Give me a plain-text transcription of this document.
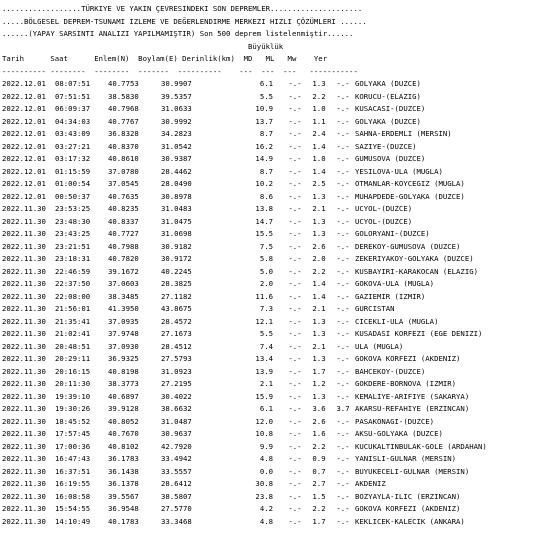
..................TÜRKIYE VE YAKIN ÇEVRESINDEKI SON DEPREMLER.....................
.....BÖLGESEL DEPREM-TSUNAMI IZLEME VE DEĞERLENDIRME MERKEZI HIZLI ÇÖZÜMLERI ......
......(YAPAY SARSINTI ANALIZI YAPILMAMIŞTIR) Son 500 deprem listelenmiştir......
Büyüklük
Tarih      Saat      Enlem(N)  Boylam(E) Derinlik(km)  MD   ML   Mw    Yer
---------- --------  --------  -------  ----------    ---  ---  ---   -----------
2022.12.01 08:07:51 40.7753	30.9907	6.1 -.- 1.3 -.- GOLYAKA (DUZCE)
2022.12.01 07:51:51 38.5830	39.5357	5.5 -.- 2.2 -.- KORUCU-(ELAZIG)
2022.12.01 06:09:37 40.7968	31.0633	10.9 -.- 1.0 -.- KUSACASI-(DUZCE)
2022.12.01 04:34:03 40.7767	30.9992	13.7 -.- 1.1 -.- GOLYAKA (DUZCE)
2022.12.01 03:43:09 36.8328	34.2823	8.7 -.- 2.4 -.- SAHNA-ERDEMLI (MERSIN)
2022.12.01 03:27:21 40.8370	31.0542	16.2 -.- 1.4 -.- SAZIYE-(DUZCE)
2022.12.01 03:17:32 40.8610	30.9387	14.9 -.- 1.0 -.- GUMUSOVA (DUZCE)
2022.12.01 01:15:59 37.0780	28.4462	8.7 -.- 1.4 -.- YESILOVA-ULA (MUGLA)
2022.12.01 01:00:54 37.0545	28.0490	10.2 -.- 2.5 -.- OTMANLAR-KOYCEGIZ (MUGLA)
2022.12.01 00:50:37 40.7635	30.8978	8.6 -.- 1.3 -.- MUHAPDEDE-GOLYAKA (DUZCE)
2022.11.30 23:53:25 40.8235	31.0483	13.8 -.- 2.1 -.- UCYOL-(DUZCE)
2022.11.30 23:48:30 40.8337	31.0475	14.7 -.- 1.3 -.- UCYOL-(DUZCE)
2022.11.30 23:43:25 40.7727	31.0698	15.5 -.- 1.3 -.- GOLORYANI-(DUZCE)
2022.11.30 23:21:51 40.7988	30.9182	7.5 -.- 2.6 -.- DEREKOY-GUMUSOVA (DUZCE)
2022.11.30 23:18:31 40.7820	30.9172	5.8 -.- 2.0 -.- ZEKERIYAKOY-GOLYAKA (DUZCE)
2022.11.30 22:46:59 39.1672	40.2245	5.0 -.- 2.2 -.- KUSBAYIRI-KARAKOCAN (ELAZIG)
2022.11.30 22:37:50 37.0603	28.3825	2.0 -.- 1.4 -.- GOKOVA-ULA (MUGLA)
2022.11.30 22:08:00 38.3485	27.1182	11.6 -.- 1.4 -.- GAZIEMIR (IZMIR)
2022.11.30 21:56:01 41.3950	43.8675	7.3 -.- 2.1 -.- GURCISTAN
2022.11.30 21:35:41 37.0935	28.4572	12.1 -.- 1.3 -.- CICEKLI-ULA (MUGLA)
2022.11.30 21:02:41 37.9748	27.1673	5.5 -.- 1.3 -.- KUSADASI KORFEZI (EGE DENIZI)
2022.11.30 20:48:51 37.0930	28.4512	7.4 -.- 2.1 -.- ULA (MUGLA)
2022.11.30 20:29:11 36.9325	27.5793	13.4 -.- 1.3 -.- GOKOVA KORFEZI (AKDENIZ)
2022.11.30 20:16:15 40.8198	31.0923	13.9 -.- 1.7 -.- BAHCEKOY-(DUZCE)
2022.11.30 20:11:30 38.3773	27.2195	2.1 -.- 1.2 -.- GOKDERE-BORNOVA (IZMIR)
2022.11.30 19:39:10 40.6897	30.4022	15.9 -.- 1.3 -.- KEMALIYE-ARIFIYE (SAKARYA)
2022.11.30 19:30:26 39.9128	38.6632	6.1 -.- 3.6 3.7 AKARSU-REFAHIYE (ERZINCAN)
2022.11.30 18:45:52 40.8052	31.0487	12.0 -.- 2.6 -.- PASAKONAGI-(DUZCE)
2022.11.30 17:57:45 40.7670	30.9637	10.8 -.- 1.6 -.- AKSU-GOLYAKA (DUZCE)
2022.11.30 17:00:36 40.8102	42.7920	9.9 -.- 2.2 -.- KUCUKALTINBULAK-GOLE (ARDAHAN)
2022.11.30 16:47:43 36.1783	33.4942	4.8 -.- 0.9 -.- YANISLI-GULNAR (MERSIN)
2022.11.30 16:37:51 36.1438	33.5557	0.0 -.- 0.7 -.- BUYUKECELI-GULNAR (MERSIN)
2022.11.30 16:19:55 36.1378	28.6412	30.8 -.- 2.7 -.- AKDENIZ
2022.11.30 16:08:58 39.5567	38.5807	23.8 -.- 1.5 -.- BOZYAYLA-ILIC (ERZINCAN)
2022.11.30 15:54:55 36.9548	27.5770	4.2 -.- 2.2 -.- GOKOVA KORFEZI (AKDENIZ)
2022.11.30 14:10:49 40.1783	33.3468	4.8 -.- 1.7 -.- KEKLICEK-KALECIK (ANKARA)
